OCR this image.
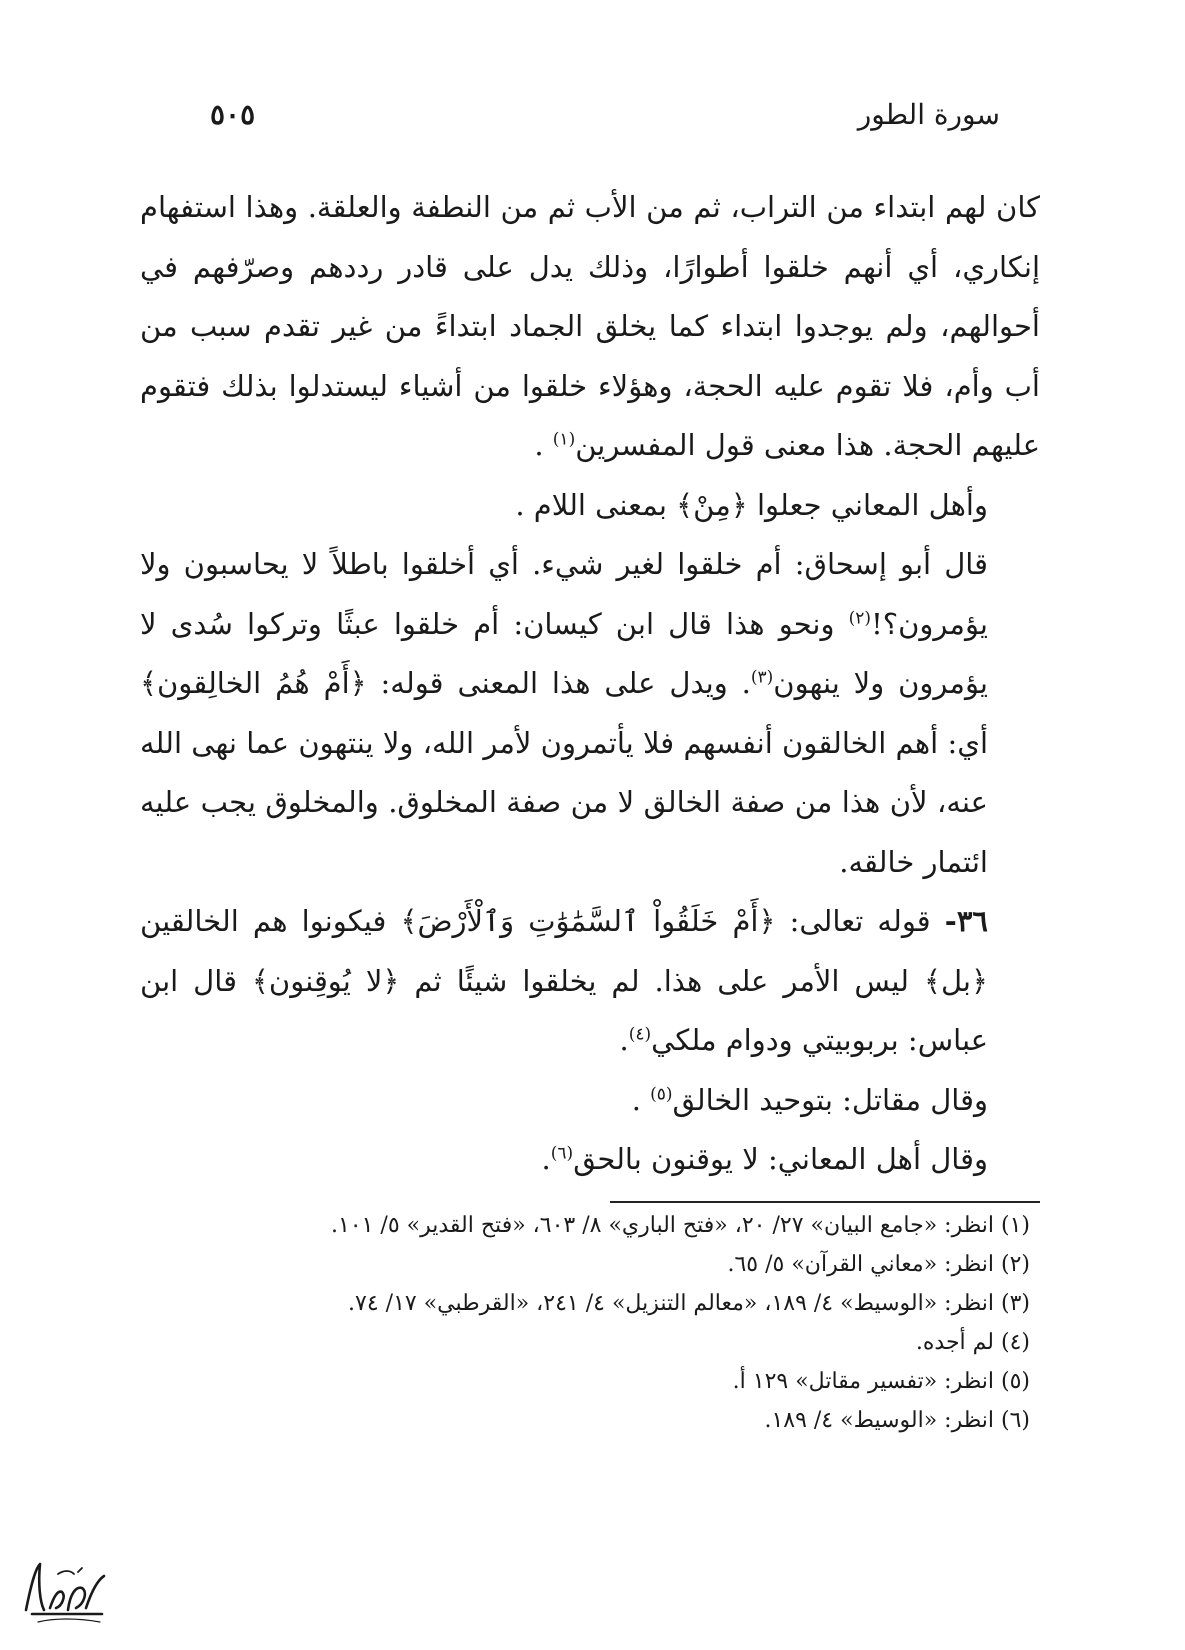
سورة الطور
٥٠٥

كان لهم ابتداء من التراب، ثم من الأب ثم من النطفة والعلقة. وهذا استفهام إنكاري، أي أنهم خلقوا أطوارًا، وذلك يدل على قادر رددهم وصرّفهم في أحوالهم، ولم يوجدوا ابتداء كما يخلق الجماد ابتداءً من غير تقدم سبب من أب وأم، فلا تقوم عليه الحجة، وهؤلاء خلقوا من أشياء ليستدلوا بذلك فتقوم عليهم الحجة. هذا معنى قول المفسرين$^{(١)}$ .

وأهل المعاني جعلوا ﴿مِنْ﴾ بمعنى اللام .

قال أبو إسحاق: أم خلقوا لغير شيء. أي أخلقوا باطلاً لا يحاسبون ولا يؤمرون؟!$^{(٢)}$ ونحو هذا قال ابن كيسان: أم خلقوا عبثًا وتركوا سُدى لا يؤمرون ولا ينهون$^{(٣)}$. ويدل على هذا المعنى قوله: ﴿أَمْ هُمُ الخالِقون﴾ أي: أهم الخالقون أنفسهم فلا يأتمرون لأمر الله، ولا ينتهون عما نهى الله عنه، لأن هذا من صفة الخالق لا من صفة المخلوق. والمخلوق يجب عليه ائتمار خالقه.

٣٦- قوله تعالى: ﴿أَمْ خَلَقُواْ ٱلسَّمَٰوَٰتِ وَٱلْأَرْضَ﴾ فيكونوا هم الخالقين ﴿بل﴾ ليس الأمر على هذا. لم يخلقوا شيئًا ثم ﴿لا يُوقِنون﴾ قال ابن عباس: بربوبيتي ودوام ملكي$^{(٤)}$.

وقال مقاتل: بتوحيد الخالق$^{(٥)}$ .

وقال أهل المعاني: لا يوقنون بالحق$^{(٦)}$.

(١) انظر: «جامع البيان» ٢٧/ ٢٠، «فتح الباري» ٨/ ٦٠٣، «فتح القدير» ٥/ ١٠١.
(٢) انظر: «معاني القرآن» ٥/ ٦٥.
(٣) انظر: «الوسيط» ٤/ ١٨٩، «معالم التنزيل» ٤/ ٢٤١، «القرطبي» ١٧/ ٧٤.
(٤) لم أجده.
(٥) انظر: «تفسير مقاتل» ١٢٩ أ.
(٦) انظر: «الوسيط» ٤/ ١٨٩.
